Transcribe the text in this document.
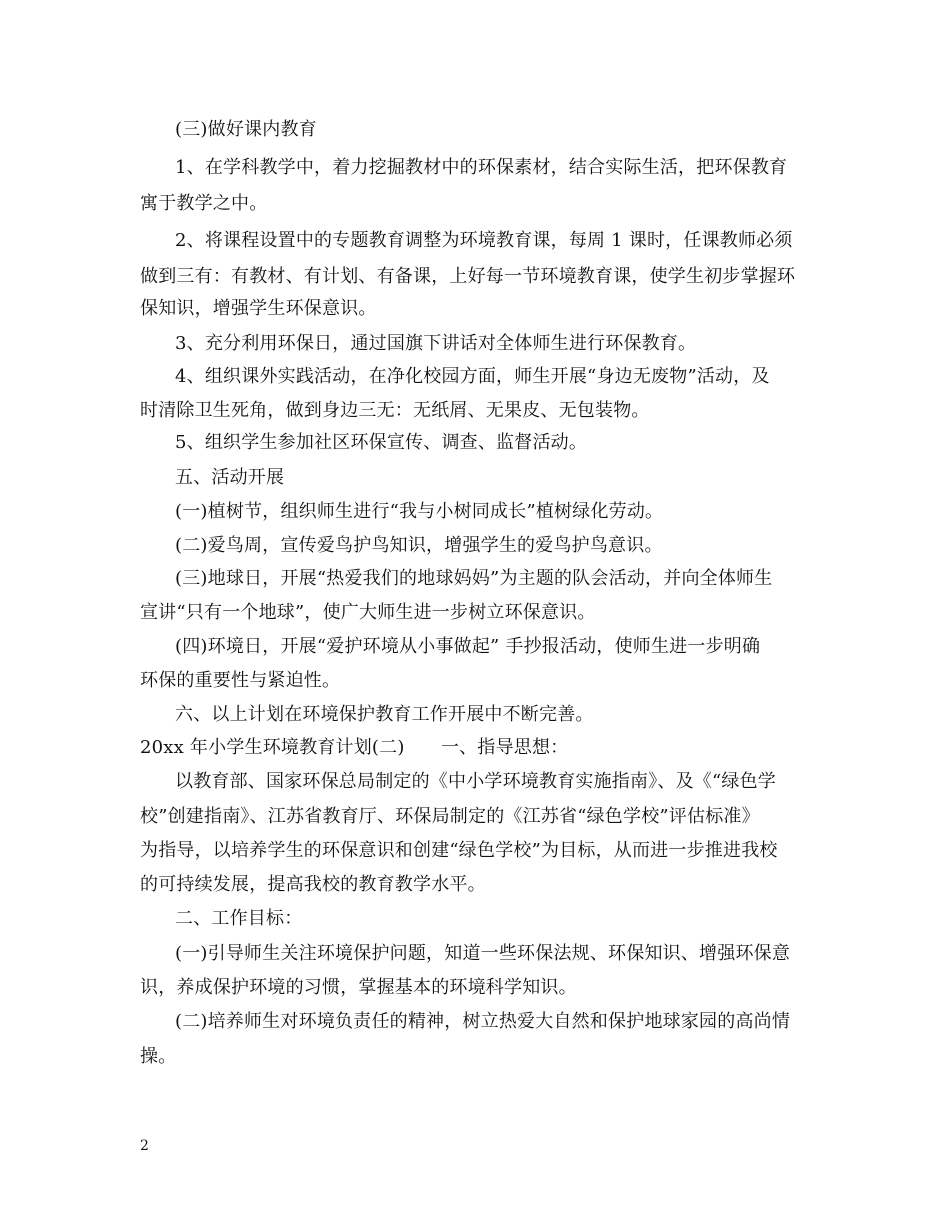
(三)做好课内教育
1、在学科教学中，着力挖掘教材中的环保素材，结合实际生活，把环保教育
寓于教学之中。
2、将课程设置中的专题教育调整为环境教育课，每周 1 课时，任课教师必须
做到三有：有教材、有计划、有备课，上好每一节环境教育课，使学生初步掌握环
保知识，增强学生环保意识。
3、充分利用环保日，通过国旗下讲话对全体师生进行环保教育。
4、组织课外实践活动，在净化校园方面，师生开展“身边无废物”活动，及
时清除卫生死角，做到身边三无：无纸屑、无果皮、无包装物。
5、组织学生参加社区环保宣传、调查、监督活动。
五、活动开展
(一)植树节，组织师生进行“我与小树同成长”植树绿化劳动。
(二)爱鸟周，宣传爱鸟护鸟知识，增强学生的爱鸟护鸟意识。
(三)地球日，开展“热爱我们的地球妈妈”为主题的队会活动，并向全体师生
宣讲“只有一个地球”，使广大师生进一步树立环保意识。
(四)环境日，开展“爱护环境从小事做起” 手抄报活动，使师生进一步明确
环保的重要性与紧迫性。
六、以上计划在环境保护教育工作开展中不断完善。
20xx 年小学生环境教育计划(二)　　一、指导思想：
以教育部、国家环保总局制定的《中小学环境教育实施指南》、及《“绿色学
校”创建指南》、江苏省教育厅、环保局制定的《江苏省“绿色学校”评估标准》
为指导，以培养学生的环保意识和创建“绿色学校”为目标，从而进一步推进我校
的可持续发展，提高我校的教育教学水平。
二、工作目标：
(一)引导师生关注环境保护问题，知道一些环保法规、环保知识、增强环保意
识，养成保护环境的习惯，掌握基本的环境科学知识。
(二)培养师生对环境负责任的精神，树立热爱大自然和保护地球家园的高尚情
操。
2
